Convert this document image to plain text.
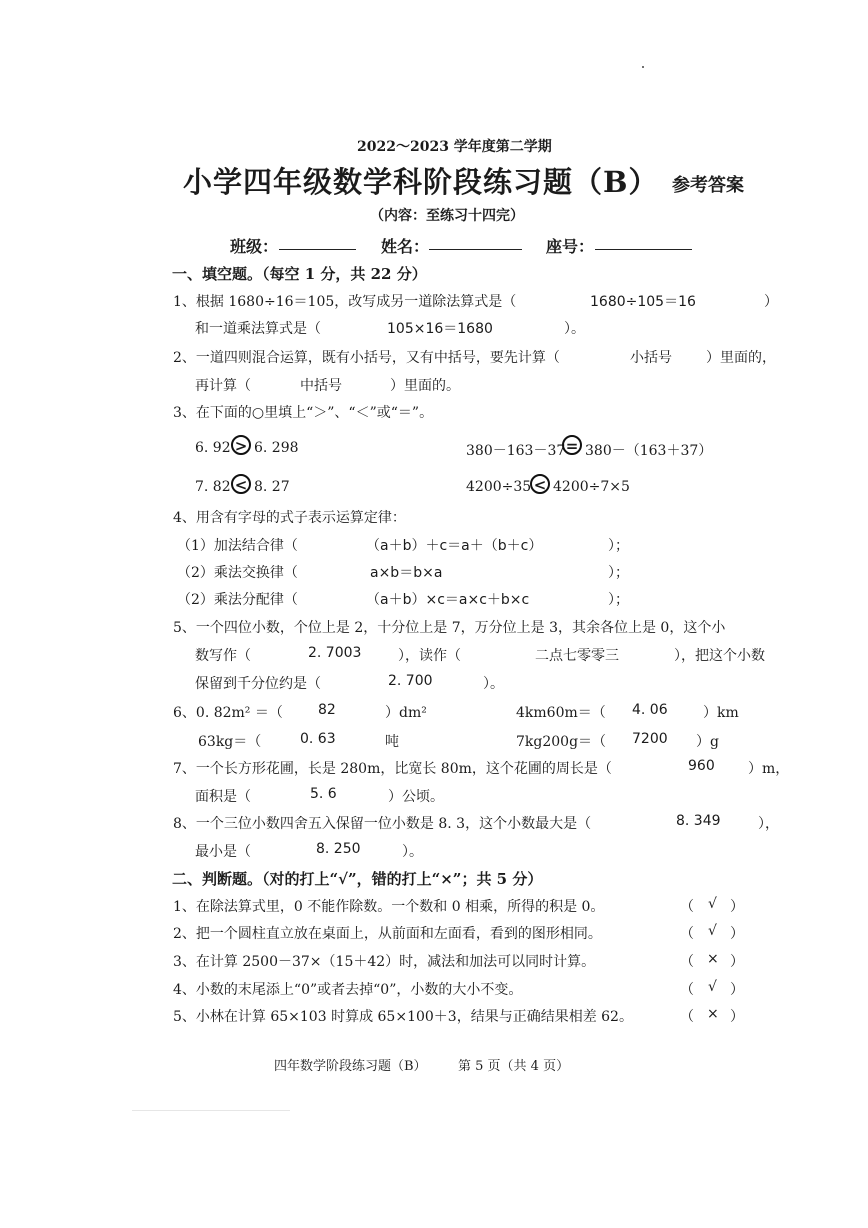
2022～2023 学年度第二学期
小学四年级数学科阶段练习题（B） 参考答案
（内容：至练习十四完）
班级：	姓名：	座号：
一、填空题。（每空 1 分，共 22 分）
1、根据 1680÷16＝105，改写成另一道除法算式是（	1680÷105＝16	）
和一道乘法算式是（	105×16＝1680	）。
2、一道四则混合运算，既有小括号，又有中括号，要先计算（	小括号 ）里面的，
再计算（	中括号	）里面的。
3、在下面的○里填上“＞”、“＜”或“＝”。
6. 92 > 6. 298	380－163－37 = 380－（163＋37）
7. 82 < 8. 27	4200÷35 < 4200÷7×5
4、用含有字母的式子表示运算定律：
（1）加法结合律（	（a＋b）＋c＝a＋（b＋c）	）；
（2）乘法交换律（	a×b＝b×a	）；
（2）乘法分配律（	（a＋b）×c＝a×c＋b×c	）；
5、一个四位小数，个位上是 2，十分位上是 7，万分位上是 3，其余各位上是 0，这个小
数写作（	2. 7003	），读作（	二点七零零三	），把这个小数
保留到千分位约是（	2. 700	）。
6、0. 82m² ＝（	82	）dm²	4km60m＝（ 4. 06	）km
63kg＝（	0. 63	吨	7kg200g＝（ 7200 ）g
7、一个长方形花圃，长是 280m，比宽长 80m，这个花圃的周长是（	960 ）m，
面积是（	5. 6	）公顷。
8、一个三位小数四舍五入保留一位小数是 8. 3，这个小数最大是（	8. 349	），
最小是（	8. 250	）。
二、判断题。（对的打上“√”，错的打上“×”；共 5 分）
1、在除法算式里，0 不能作除数。一个数和 0 相乘，所得的积是 0。	（ √ ）
2、把一个圆柱直立放在桌面上，从前面和左面看，看到的图形相同。	（ √ ）
3、在计算 2500－37×（15＋42）时，减法和加法可以同时计算。	（ × ）
4、小数的末尾添上“0”或者去掉“0”，小数的大小不变。	（ √ ）
5、小林在计算 65×103 时算成 65×100＋3，结果与正确结果相差 62。	（ × ）
四年数学阶段练习题（B） 第 5 页（共 4 页）
